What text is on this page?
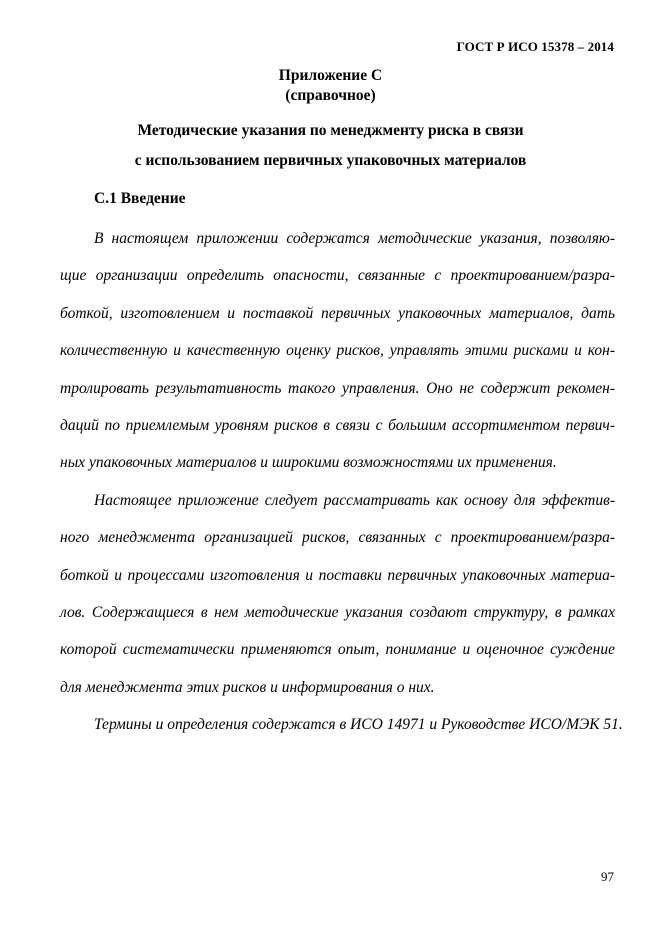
ГОСТ Р ИСО 15378 – 2014
Приложение С
(справочное)
Методические указания по менеджменту риска в связи
с использованием первичных упаковочных материалов
С.1 Введение
В настоящем приложении содержатся методические указания, позволяю-
щие организации определить опасности, связанные с проектированием/разра-
боткой, изготовлением и поставкой первичных упаковочных материалов, дать
количественную и качественную оценку рисков, управлять этими рисками и кон-
тролировать результативность такого управления. Оно не содержит рекомен-
даций по приемлемым уровням рисков в связи с большим ассортиментом первич-
ных упаковочных материалов и широкими возможностями их применения.
Настоящее приложение следует рассматривать как основу для эффектив-
ного менеджмента организацией рисков, связанных с проектированием/разра-
боткой и процессами изготовления и поставки первичных упаковочных материа-
лов. Содержащиеся в нем методические указания создают структуру, в рамках
которой систематически применяются опыт, понимание и оценочное суждение
для менеджмента этих рисков и информирования о них.
Термины и определения содержатся в ИСО 14971 и Руководстве ИСО/МЭК 51.
97
